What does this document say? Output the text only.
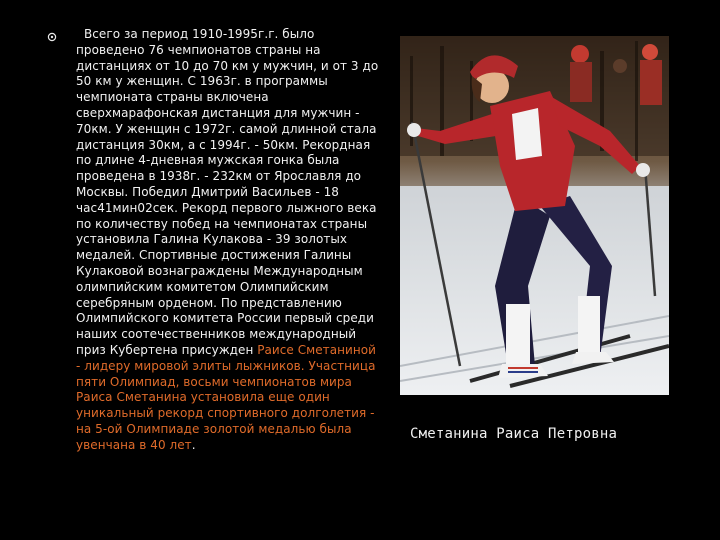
Всего за период 1910-1995г.г. было проведено 76 чемпионатов страны на дистанциях от 10 до 70 км у мужчин, и от 3 до 50 км у женщин. С 1963г. в программы чемпионата страны включена сверхмарафонская дистанция для мужчин - 70км. У женщин с 1972г. самой длинной стала дистанция 30км, а с 1994г. - 50км. Рекордная по длине 4-дневная мужская гонка была проведена в 1938г. - 232км от Ярославля до Москвы. Победил Дмитрий Васильев - 18 час41мин02сек. Рекорд первого лыжного века по количеству побед на чемпионатах страны установила Галина Кулакова - 39 золотых медалей. Спортивные достижения Галины Кулаковой вознаграждены Международным олимпийским комитетом Олимпийским серебряным орденом. По представлению Олимпийского комитета России первый среди наших соотечественников международный приз Кубертена присужден Раисе Сметаниной - лидеру мировой элиты лыжников. Участница пяти Олимпиад, восьми чемпионатов мира Раиса Сметанина установила еще один уникальный рекорд спортивного долголетия - на 5-ой Олимпиаде золотой медалью была увенчана в 40 лет.
Сметанина Раиса Петровна
